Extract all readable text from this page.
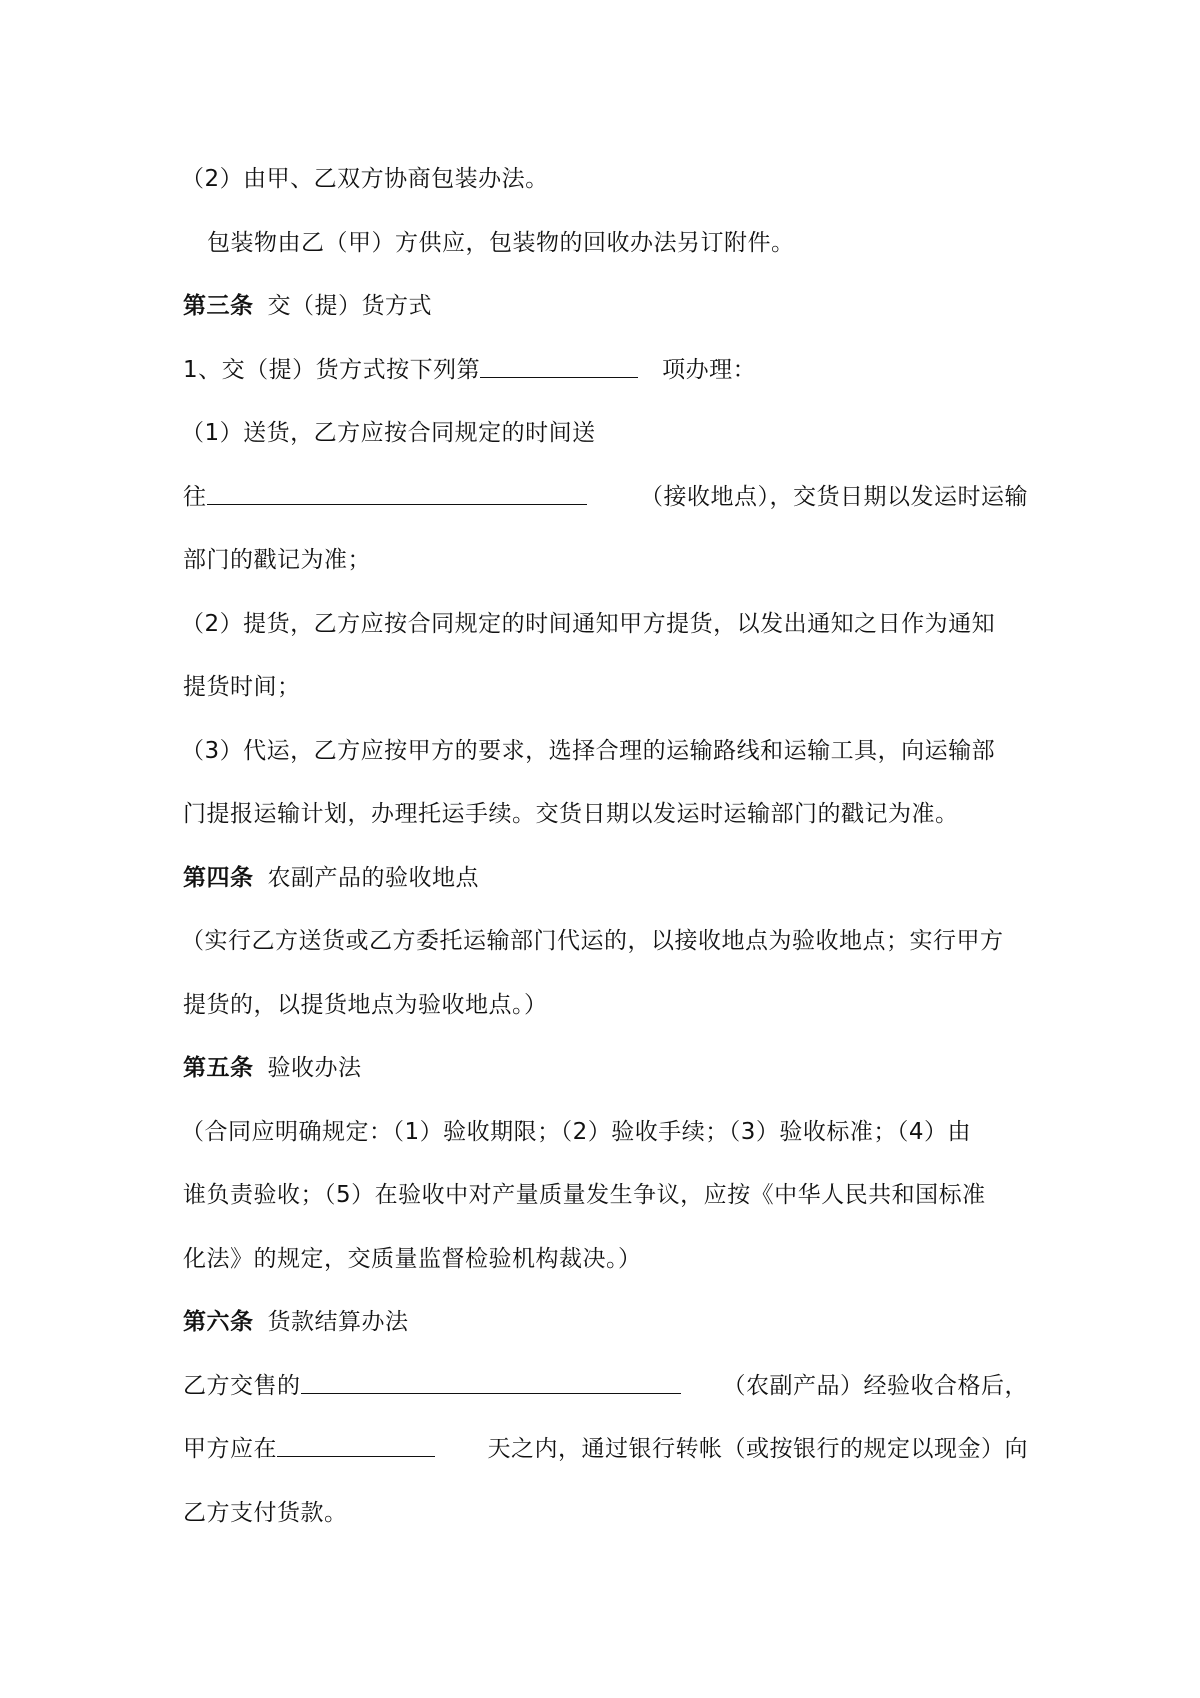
（2）由甲、乙双方协商包装办法。
包装物由乙（甲）方供应，包装物的回收办法另订附件。
第三条 交（提）货方式
1、交（提）货方式按下列第	项办理：
（1）送货，乙方应按合同规定的时间送
往	（接收地点），交货日期以发运时运输
部门的戳记为准；
（2）提货，乙方应按合同规定的时间通知甲方提货，以发出通知之日作为通知
提货时间；
（3）代运，乙方应按甲方的要求，选择合理的运输路线和运输工具，向运输部
门提报运输计划，办理托运手续。交货日期以发运时运输部门的戳记为准。
第四条 农副产品的验收地点
（实行乙方送货或乙方委托运输部门代运的，以接收地点为验收地点；实行甲方
提货的，以提货地点为验收地点。）
第五条 验收办法
（合同应明确规定：（1）验收期限；（2）验收手续；（3）验收标准；（4）由
谁负责验收；（5）在验收中对产量质量发生争议，应按《中华人民共和国标准
化法》的规定，交质量监督检验机构裁决。）
第六条 货款结算办法
乙方交售的	（农副产品）经验收合格后，
甲方应在	天之内，通过银行转帐（或按银行的规定以现金）向
乙方支付货款。
